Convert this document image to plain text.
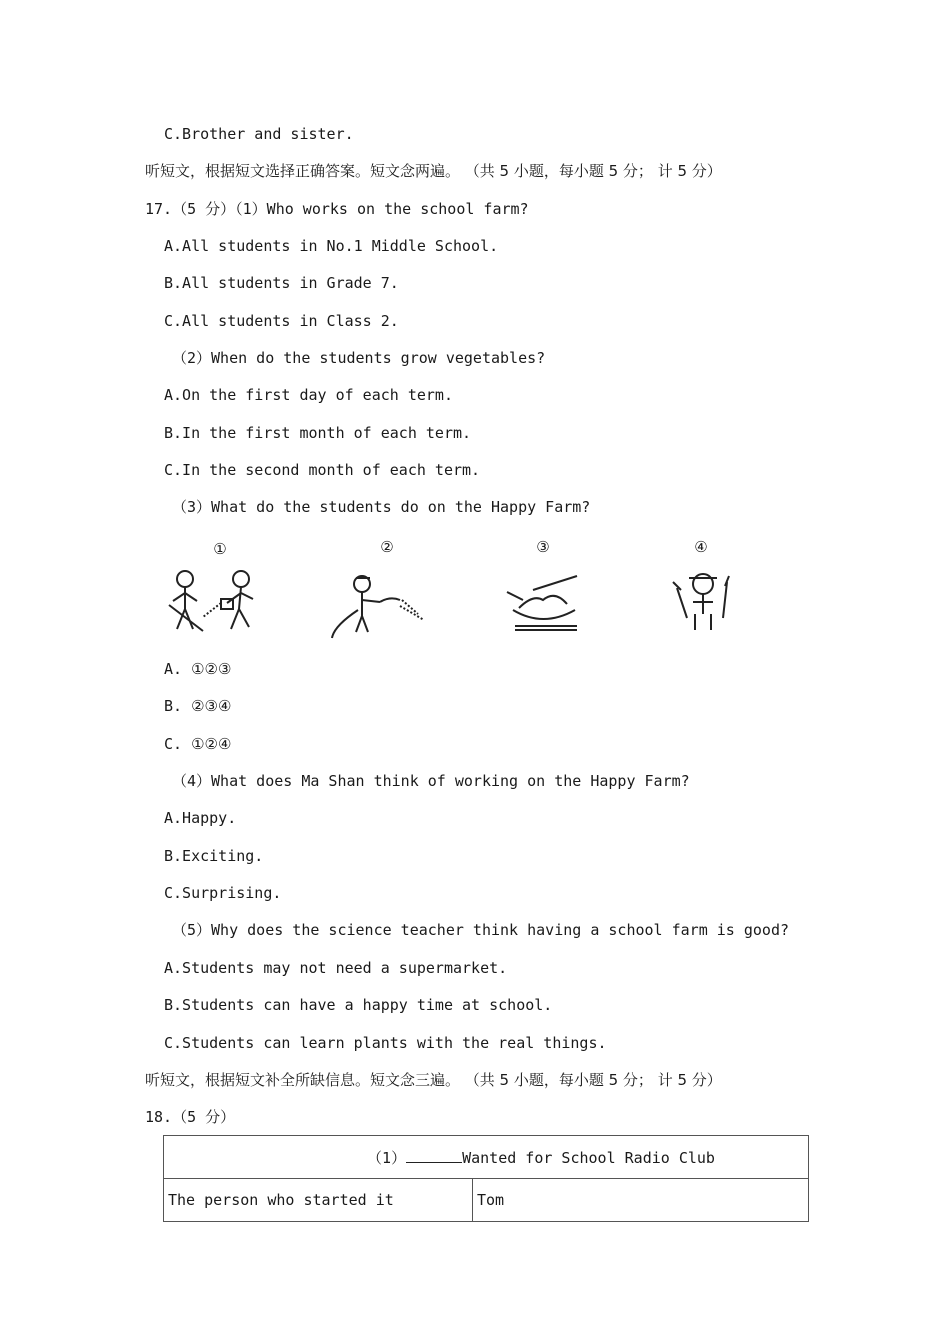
C.Brother and sister.
听短文，根据短文选择正确答案。短文念两遍。 （共 5 小题，每小题 5 分； 计 5 分）
17.（5 分）（1）Who works on the school farm?
A.All students in No.1 Middle School.
B.All students in Grade 7.
C.All students in Class 2.
（2）When do the students grow vegetables?
A.On the first day of each term.
B.In the first month of each term.
C.In the second month of each term.
（3）What do the students do on the Happy Farm?
①	②	③	④
A. ①②③
B. ②③④
C. ①②④
（4）What does Ma Shan think of working on the Happy Farm?
A.Happy.
B.Exciting.
C.Surprising.
（5）Why does the science teacher think having a school farm is good?
A.Students may not need a supermarket.
B.Students can have a happy time at school.
C.Students can learn plants with the real things.
听短文，根据短文补全所缺信息。短文念三遍。 （共 5 小题，每小题 5 分； 计 5 分）
18.（5 分）
（1）	Wanted for School Radio Club
The person who started it	Tom
